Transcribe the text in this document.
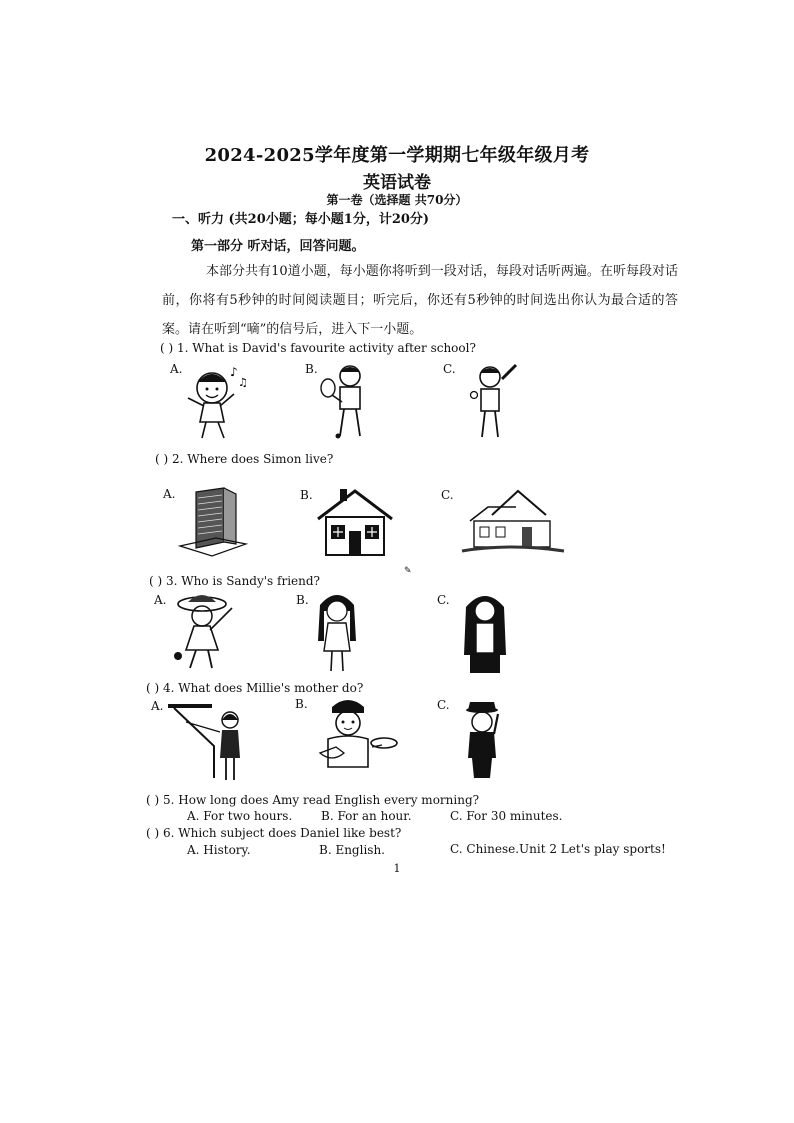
2024-2025学年度第一学期期七年级年级月考
英语试卷
第一卷（选择题 共70分）
一、听力 (共20小题；每小题1分，计20分)
第一部分 听对话，回答问题。
本部分共有10道小题，每小题你将听到一段对话，每段对话听两遍。在听每段对话前，你将有5秒钟的时间阅读题目；听完后，你还有5秒钟的时间选出你认为最合适的答案。请在听到“嘀”的信号后，进入下一小题。
( ) 1. What is David's favourite activity after school?
A.	B.	C.
♪
♫
( ) 2. Where does Simon live?
A.	B.	C.
✎
( ) 3. Who is Sandy's friend?
A.	B.	C.
( ) 4. What does Millie's mother do?
A.	B.	C.
( ) 5. How long does Amy read English every morning?
A. For two hours. B. For an hour.	C. For 30 minutes.
( ) 6. Which subject does Daniel like best?
A. History.	B. English.	C. Chinese.Unit 2 Let's play sports!
1
